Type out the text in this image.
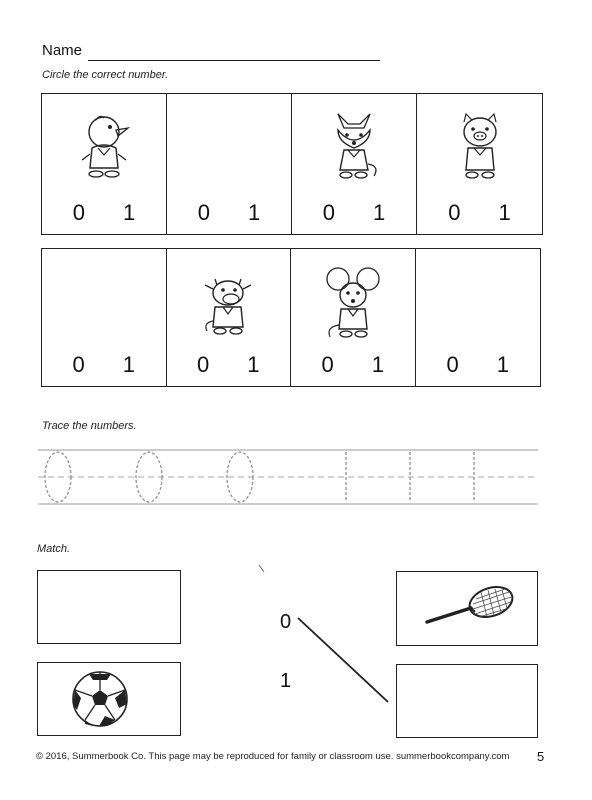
Name
Circle the correct number.
0 1	0 1	0 1	0 1
0 1	0 1	0 1	0 1
Trace the numbers.
Match.
0
1
© 2016, Summerbook Co. This page may be reproduced for family or classroom use. summerbookcompany.com 5
